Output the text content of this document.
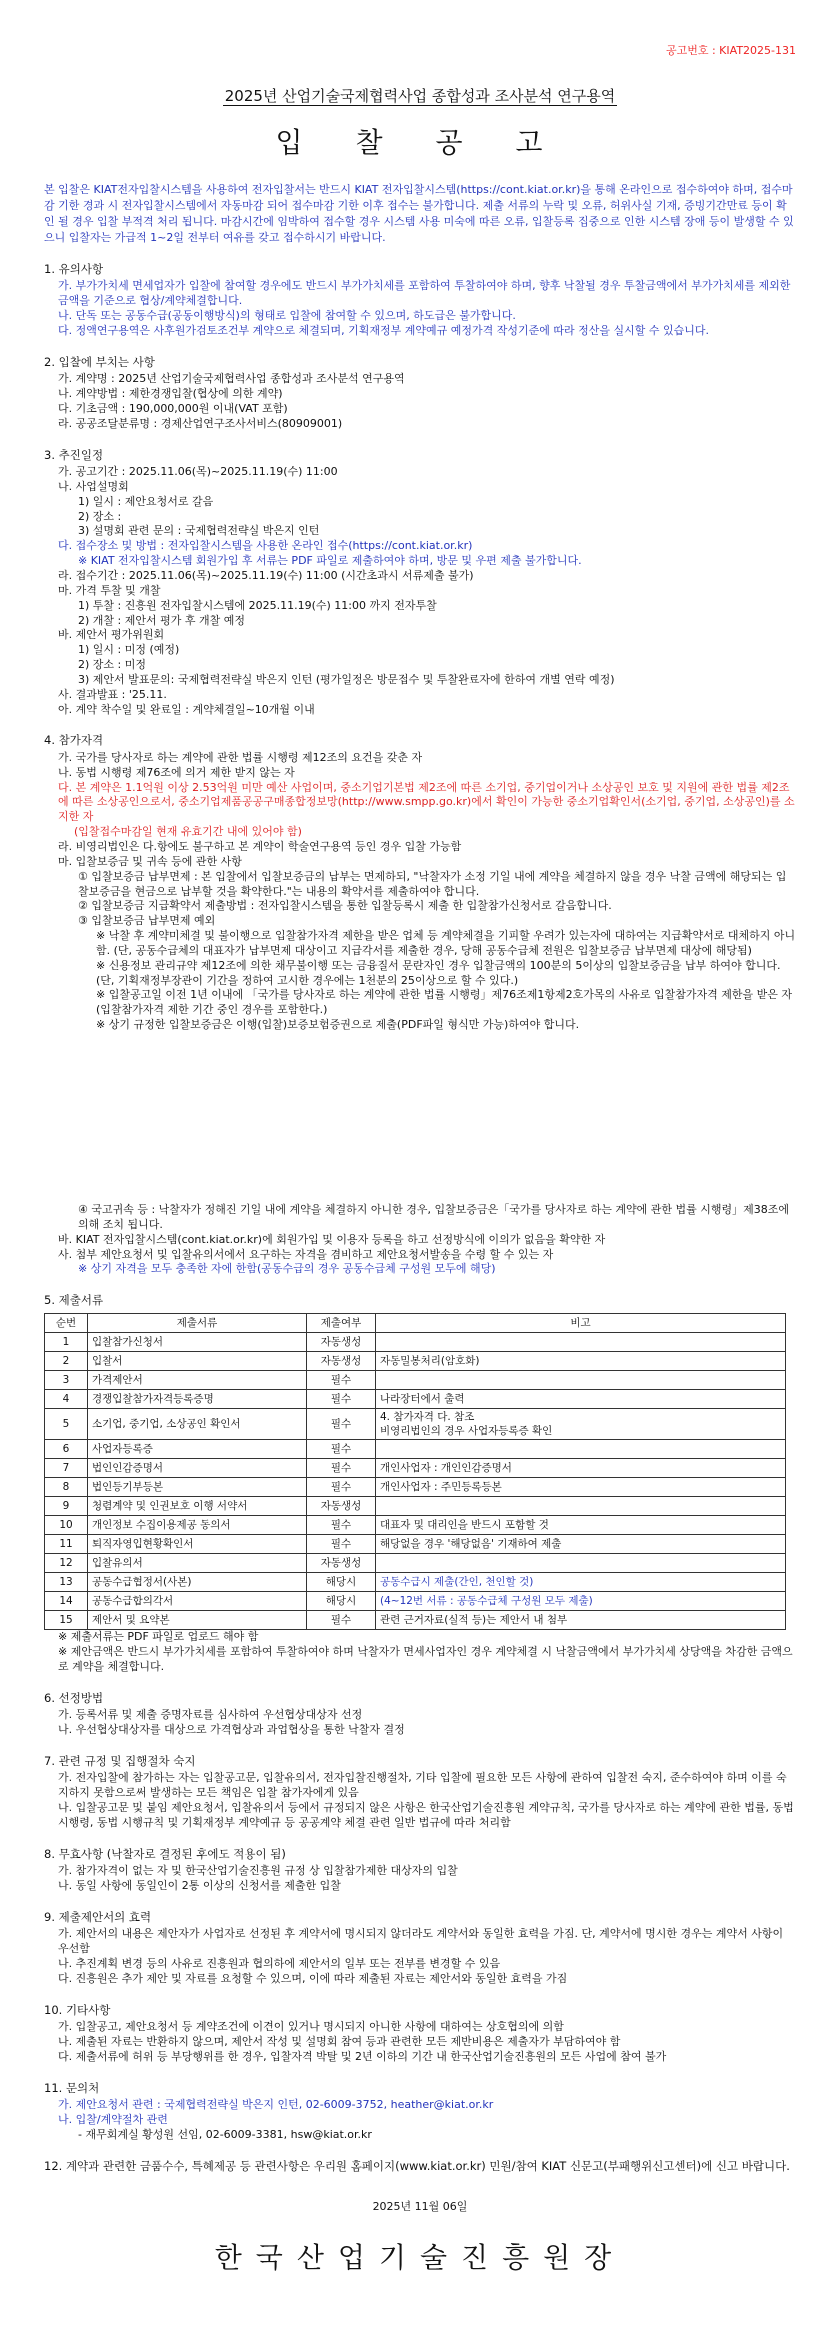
공고번호 : KIAT2025-131
2025년 산업기술국제협력사업 종합성과 조사분석 연구용역
입 찰 공 고

본 입찰은 KIAT전자입찰시스템을 사용하여 전자입찰서는 반드시 KIAT 전자입찰시스템(https://cont.kiat.or.kr)을 통해 온라인으로 접수하여야 하며, 접수마감 기한 경과 시 전자입찰시스템에서 자동마감 되어 접수마감 기한 이후 접수는 불가합니다. 제출 서류의 누락 및 오류, 허위사실 기재, 증빙기간만료 등이 확인 될 경우 입찰 부적격 처리 됩니다. 마감시간에 임박하여 접수할 경우 시스템 사용 미숙에 따른 오류, 입찰등록 집중으로 인한 시스템 장애 등이 발생할 수 있으니 입찰자는 가급적 1~2일 전부터 여유를 갖고 접수하시기 바랍니다.

1. 유의사항

가. 부가가치세 면세업자가 입찰에 참여할 경우에도 반드시 부가가치세를 포함하여 투찰하여야 하며, 향후 낙찰될 경우 투찰금액에서 부가가치세를 제외한 금액을 기준으로 협상/계약체결합니다.

나. 단독 또는 공동수급(공동이행방식)의 형태로 입찰에 참여할 수 있으며, 하도급은 불가합니다.

다. 정액연구용역은 사후원가검토조건부 계약으로 체결되며, 기획재정부 계약예규 예정가격 작성기준에 따라 정산을 실시할 수 있습니다.

2. 입찰에 부치는 사항

가. 계약명 : 2025년 산업기술국제협력사업 종합성과 조사분석 연구용역

나. 계약방법 : 제한경쟁입찰(협상에 의한 계약)

다. 기초금액 : 190,000,000원 이내(VAT 포함)

라. 공공조달분류명 : 경제산업연구조사서비스(80909001)

3. 추진일정

가. 공고기간 : 2025.11.06(목)~2025.11.19(수) 11:00

나. 사업설명회

1) 일시 : 제안요청서로 갈음

2) 장소 :

3) 설명회 관련 문의 : 국제협력전략실 박은지 인턴

다. 접수장소 및 방법 : 전자입찰시스템을 사용한 온라인 접수(https://cont.kiat.or.kr)

※ KIAT 전자입찰시스템 회원가입 후 서류는 PDF 파일로 제출하여야 하며, 방문 및 우편 제출 불가합니다.

라. 접수기간 : 2025.11.06(목)~2025.11.19(수) 11:00 (시간초과시 서류제출 불가)

마. 가격 투찰 및 개찰

1) 투찰 : 진흥원 전자입찰시스템에 2025.11.19(수) 11:00 까지 전자투찰

2) 개찰 : 제안서 평가 후 개찰 예정

바. 제안서 평가위원회

1) 일시 : 미정 (예정)

2) 장소 : 미정

3) 제안서 발표문의: 국제협력전략실 박은지 인턴 (평가일정은 방문접수 및 투찰완료자에 한하여 개별 연락 예정)

사. 결과발표 : '25.11.

아. 계약 착수일 및 완료일 : 계약체결일~10개월 이내

4. 참가자격

가. 국가를 당사자로 하는 계약에 관한 법률 시행령 제12조의 요건을 갖춘 자

나. 동법 시행령 제76조에 의거 제한 받지 않는 자

다. 본 계약은 1.1억원 이상 2.53억원 미만 예산 사업이며, 중소기업기본법 제2조에 따른 소기업, 중기업이거나 소상공인 보호 및 지원에 관한 법률 제2조에 따른 소상공인으로서, 중소기업제품공공구매종합정보망(http://www.smpp.go.kr)에서 확인이 가능한 중소기업확인서(소기업, 중기업, 소상공인)를 소지한 자

(입찰접수마감일 현재 유효기간 내에 있어야 함)

라. 비영리법인은 다.항에도 불구하고 본 계약이 학술연구용역 등인 경우 입찰 가능함

마. 입찰보증금 및 귀속 등에 관한 사항

① 입찰보증금 납부면제 : 본 입찰에서 입찰보증금의 납부는 면제하되, "낙찰자가 소정 기일 내에 계약을 체결하지 않을 경우 낙찰 금액에 해당되는 입찰보증금을 현금으로 납부할 것을 확약한다."는 내용의 확약서를 제출하여야 합니다.

② 입찰보증금 지급확약서 제출방법 : 전자입찰시스템을 통한 입찰등록시 제출 한 입찰참가신청서로 갈음합니다.

③ 입찰보증금 납부면제 예외

※ 낙찰 후 계약미체결 및 불이행으로 입찰참가자격 제한을 받은 업체 등 계약체결을 기피할 우려가 있는자에 대하여는 지급확약서로 대체하지 아니함. (단, 공동수급체의 대표자가 납부면제 대상이고 지급각서를 제출한 경우, 당해 공동수급체 전원은 입찰보증금 납부면제 대상에 해당됨)

※ 신용정보 관리규약 제12조에 의한 채무불이행 또는 금융질서 문란자인 경우 입찰금액의 100분의 5이상의 입찰보증금을 납부 하여야 합니다. (단, 기획재정부장관이 기간을 정하여 고시한 경우에는 1천분의 25이상으로 할 수 있다.)

※ 입찰공고일 이전 1년 이내에 「국가를 당사자로 하는 계약에 관한 법률 시행령」제76조제1항제2호가목의 사유로 입찰참가자격 제한을 받은 자(입찰참가자격 제한 기간 중인 경우를 포함한다.)

※ 상기 규정한 입찰보증금은 이행(입찰)보증보험증권으로 제출(PDF파일 형식만 가능)하여야 합니다.

④ 국고귀속 등 : 낙찰자가 정해진 기일 내에 계약을 체결하지 아니한 경우, 입찰보증금은「국가를 당사자로 하는 계약에 관한 법률 시행령」제38조에 의해 조치 됩니다.

바. KIAT 전자입찰시스템(cont.kiat.or.kr)에 회원가입 및 이용자 등록을 하고 선정방식에 이의가 없음을 확약한 자

사. 첨부 제안요청서 및 입찰유의서에서 요구하는 자격을 겸비하고 제안요청서발송을 수령 할 수 있는 자

※ 상기 자격을 모두 충족한 자에 한함(공동수급의 경우 공동수급체 구성원 모두에 해당)

5. 제출서류

순번	제출서류	제출여부	비고
1	입찰참가신청서	자동생성	
2	입찰서	자동생성	자동밀봉처리(암호화)
3	가격제안서	필수	
4	경쟁입찰참가자격등록증명	필수	나라장터에서 출력
5	소기업, 중기업, 소상공인 확인서	필수	4. 참가자격 다. 참조
비영리법인의 경우 사업자등록증 확인
6	사업자등록증	필수	
7	법인인감증명서	필수	개인사업자 : 개인인감증명서
8	법인등기부등본	필수	개인사업자 : 주민등록등본
9	청렴계약 및 인권보호 이행 서약서	자동생성	
10	개인정보 수집이용제공 동의서	필수	대표자 및 대리인을 반드시 포함할 것
11	퇴직자영입현황확인서	필수	해당없을 경우 '해당없음' 기재하여 제출
12	입찰유의서	자동생성	
13	공동수급협정서(사본)	해당시	공동수급시 제출(간인, 천인할 것)
14	공동수급합의각서	해당시	(4~12번 서류 : 공동수급체 구성원 모두 제출)
15	제안서 및 요약본	필수	관련 근거자료(실적 등)는 제안서 내 첨부

※ 제출서류는 PDF 파일로 업로드 해야 함

※ 제안금액은 반드시 부가가치세를 포함하여 투찰하여야 하며 낙찰자가 면세사업자인 경우 계약체결 시 낙찰금액에서 부가가치세 상당액을 차감한 금액으로 계약을 체결합니다.

6. 선정방법

가. 등록서류 및 제출 증명자료를 심사하여 우선협상대상자 선정

나. 우선협상대상자를 대상으로 가격협상과 과업협상을 통한 낙찰자 결정

7. 관련 규정 및 집행절차 숙지

가. 전자입찰에 참가하는 자는 입찰공고문, 입찰유의서, 전자입찰진행절차, 기타 입찰에 필요한 모든 사항에 관하여 입찰전 숙지, 준수하여야 하며 이를 숙지하지 못함으로써 발생하는 모든 책임은 입찰 참가자에게 있음

나. 입찰공고문 및 붙임 제안요청서, 입찰유의서 등에서 규정되지 않은 사항은 한국산업기술진흥원 계약규칙, 국가를 당사자로 하는 계약에 관한 법률, 동법 시행령, 동법 시행규칙 및 기획재정부 계약예규 등 공공계약 체결 관련 일반 법규에 따라 처리함

8. 무효사항 (낙찰자로 결정된 후에도 적용이 됨)

가. 참가자격이 없는 자 및 한국산업기술진흥원 규정 상 입찰참가제한 대상자의 입찰

나. 동일 사항에 동일인이 2통 이상의 신청서를 제출한 입찰

9. 제출제안서의 효력

가. 제안서의 내용은 제안자가 사업자로 선정된 후 계약서에 명시되지 않더라도 계약서와 동일한 효력을 가짐. 단, 계약서에 명시한 경우는 계약서 사항이 우선함

나. 추진계획 변경 등의 사유로 진흥원과 협의하에 제안서의 일부 또는 전부를 변경할 수 있음

다. 진흥원은 추가 제안 및 자료를 요청할 수 있으며, 이에 따라 제출된 자료는 제안서와 동일한 효력을 가짐

10. 기타사항

가. 입찰공고, 제안요청서 등 계약조건에 이견이 있거나 명시되지 아니한 사항에 대하여는 상호협의에 의함

나. 제출된 자료는 반환하지 않으며, 제안서 작성 및 설명회 참여 등과 관련한 모든 제반비용은 제출자가 부담하여야 함

다. 제출서류에 허위 등 부당행위를 한 경우, 입찰자격 박탈 및 2년 이하의 기간 내 한국산업기술진흥원의 모든 사업에 참여 불가

11. 문의처

가. 제안요청서 관련 : 국제협력전략실 박은지 인턴, 02-6009-3752, heather@kiat.or.kr

나. 입찰/계약절차 관련

- 재무회계실 황성원 선임, 02-6009-3381, hsw@kiat.or.kr

12. 계약과 관련한 금품수수, 특혜제공 등 관련사항은 우리원 홈페이지(www.kiat.or.kr) 민원/참여 KIAT 신문고(부패행위신고센터)에 신고 바랍니다.

2025년 11월 06일
한국산업기술진흥원장
